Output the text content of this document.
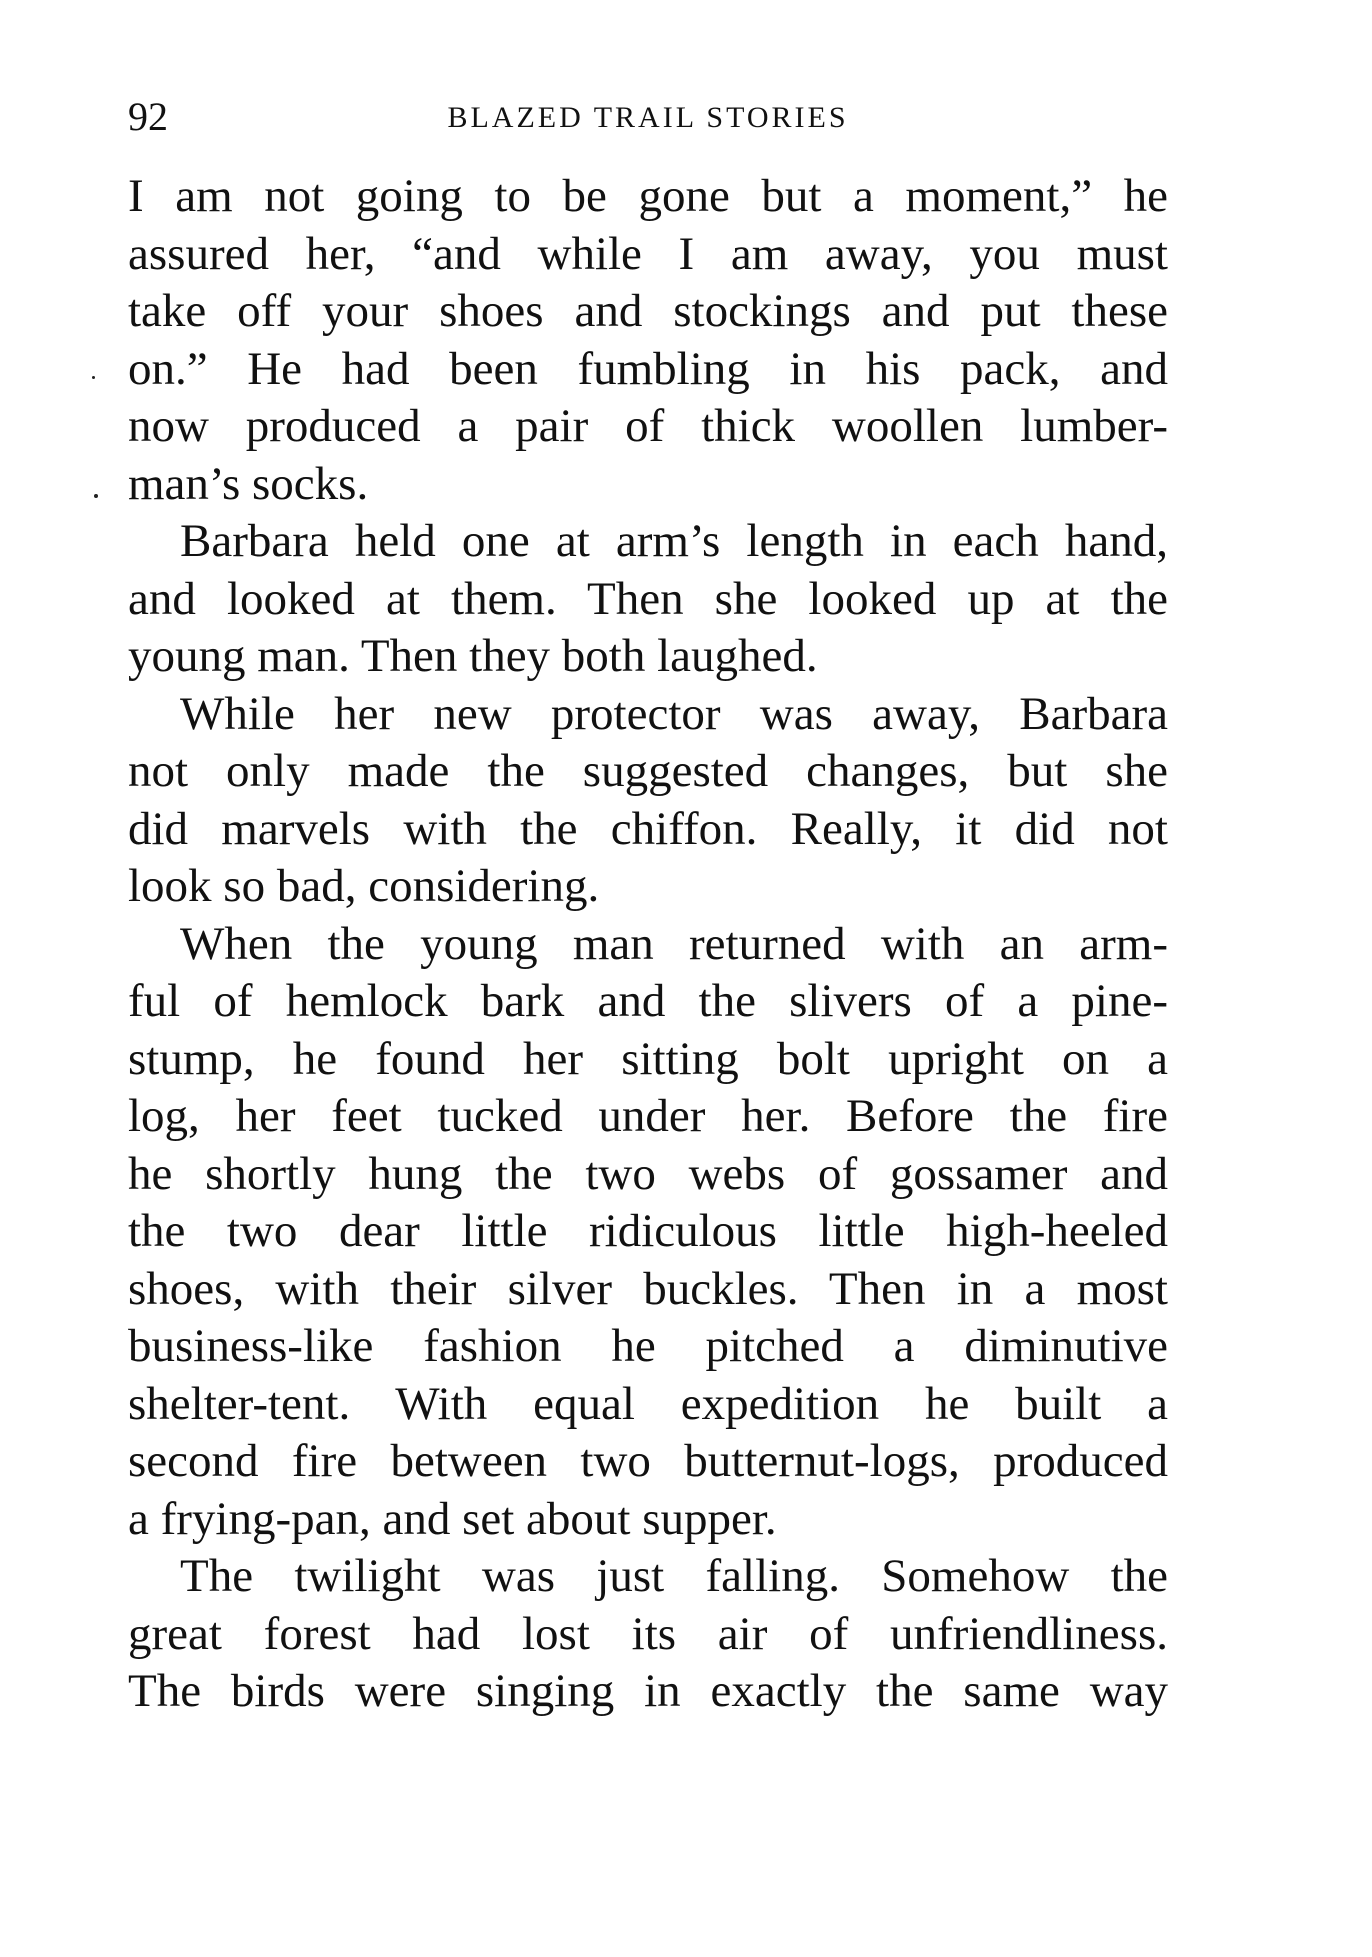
92	BLAZED TRAIL STORIES

I am not going to be gone but a moment,” he

assured her, “and while I am away, you must

take off your shoes and stockings and put these

on.” He had been fumbling in his pack, and

now produced a pair of thick woollen lumber-

man’s socks.

Barbara held one at arm’s length in each hand,

and looked at them. Then she looked up at the

young man. Then they both laughed.

While her new protector was away, Barbara

not only made the suggested changes, but she

did marvels with the chiffon. Really, it did not

look so bad, considering.

When the young man returned with an arm-

ful of hemlock bark and the slivers of a pine-

stump, he found her sitting bolt upright on a

log, her feet tucked under her. Before the fire

he shortly hung the two webs of gossamer and

the two dear little ridiculous little high-heeled

shoes, with their silver buckles. Then in a most

business-like fashion he pitched a diminutive

shelter-tent. With equal expedition he built a

second fire between two butternut-logs, produced

a frying-pan, and set about supper.

The twilight was just falling. Somehow the

great forest had lost its air of unfriendliness.

The birds were singing in exactly the same way
